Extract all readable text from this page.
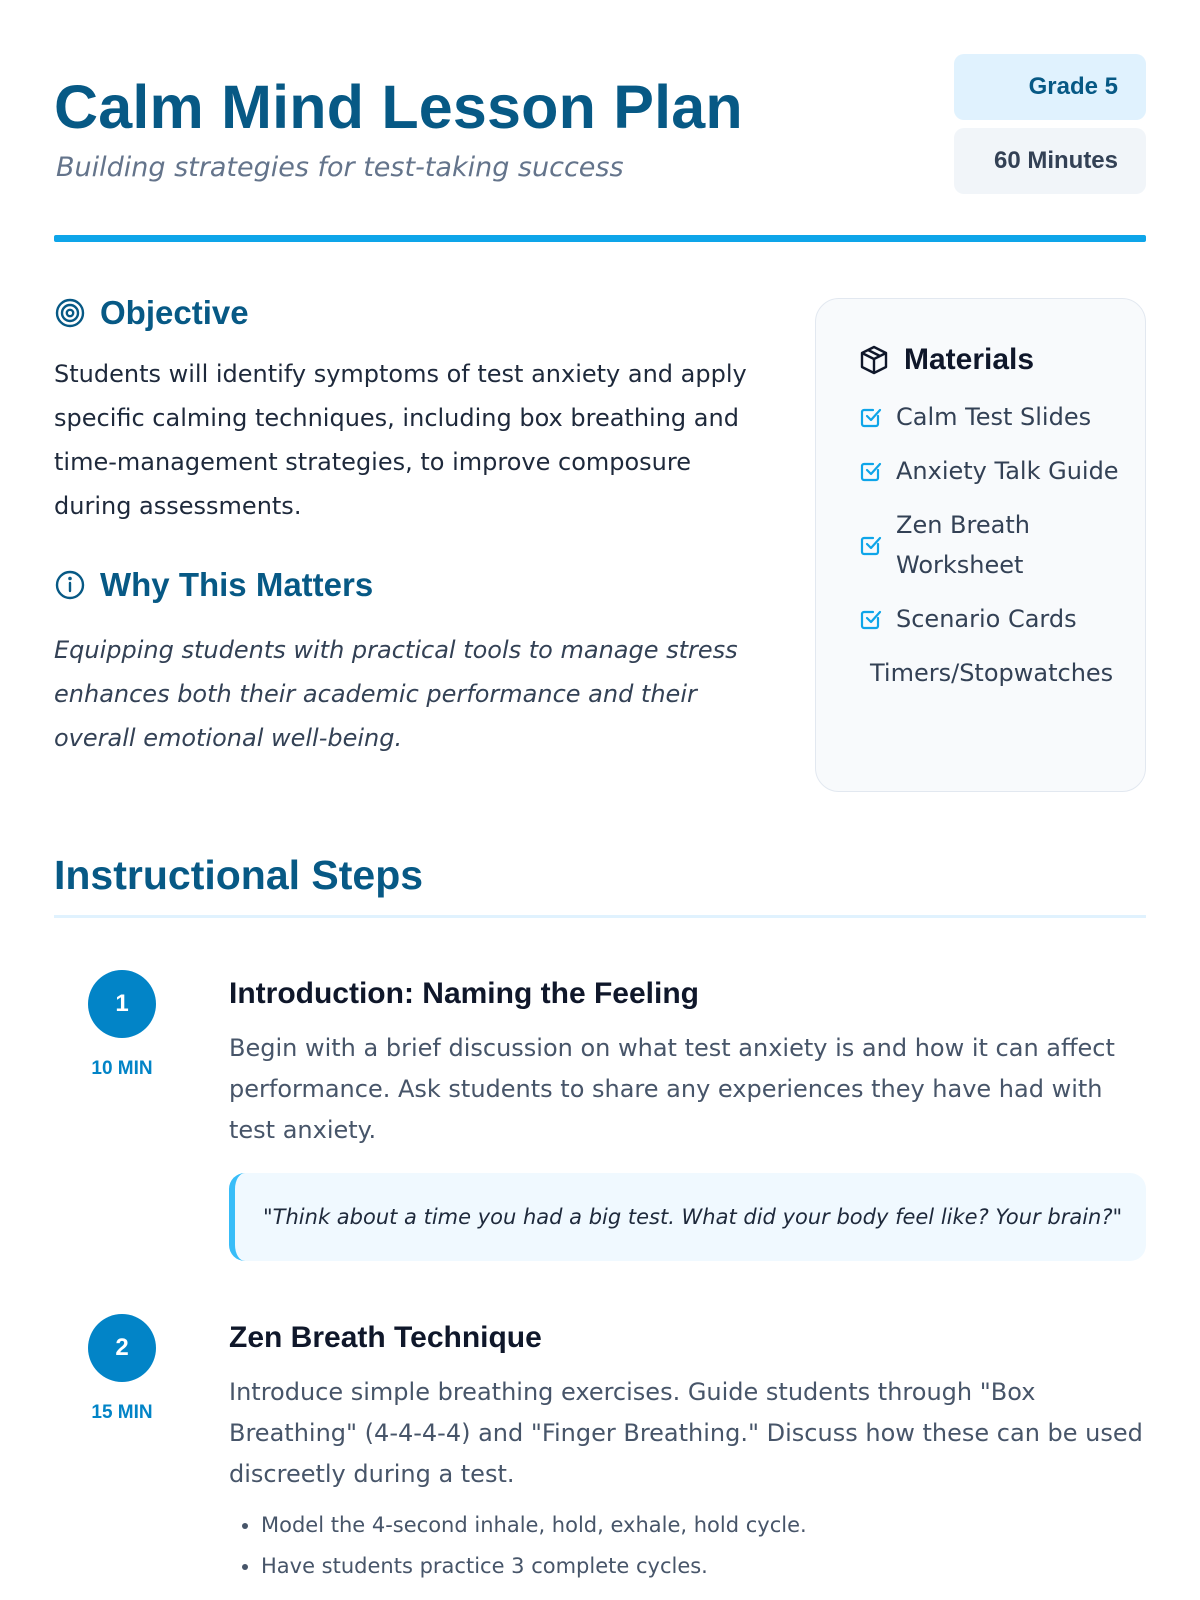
Calm Mind Lesson Plan
Building strategies for test-taking success
Grade 5
60 Minutes
Objective

Students will identify symptoms of test anxiety and apply specific calming techniques, including box breathing and time-management strategies, to improve composure during assessments.

Why This Matters

Equipping students with practical tools to manage stress enhances both their academic performance and their overall emotional well-being.

Materials
Calm Test Slides
Anxiety Talk Guide
Zen Breath Worksheet
Scenario Cards
Timers/Stopwatches
Instructional Steps
1
10 MIN
Introduction: Naming the Feeling

Begin with a brief discussion on what test anxiety is and how it can affect performance. Ask students to share any experiences they have had with test anxiety.

"Think about a time you had a big test. What did your body feel like? Your brain?"
2
15 MIN
Zen Breath Technique

Introduce simple breathing exercises. Guide students through "Box Breathing" (4-4-4-4) and "Finger Breathing." Discuss how these can be used discreetly during a test.

• Model the 4-second inhale, hold, exhale, hold cycle.
• Have students practice 3 complete cycles.
